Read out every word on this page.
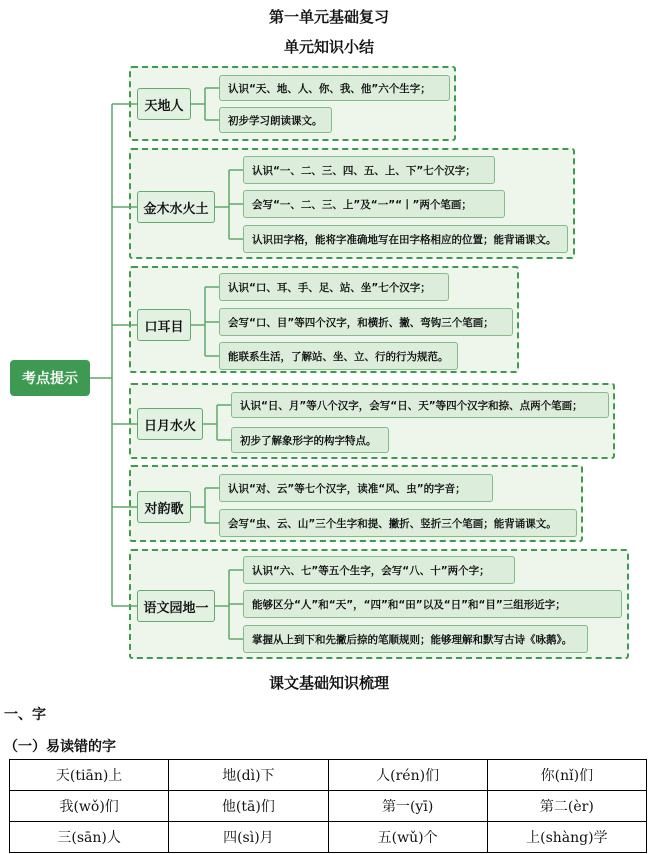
第一单元基础复习
单元知识小结
天地人
认识“天、地、人、你、我、他”六个生字；
初步学习朗读课文。
金木水火土
认识“一、二、三、四、五、上、下”七个汉字；
会写“一、二、三、上”及“一”“丨”两个笔画；
认识田字格，能将字准确地写在田字格相应的位置；能背诵课文。
口耳目
认识“口、耳、手、足、站、坐”七个汉字；
会写“口、目”等四个汉字，和横折、撇、弯钩三个笔画；
能联系生活，了解站、坐、立、行的行为规范。
日月水火
认识“日、月”等八个汉字，会写“日、天”等四个汉字和捺、点两个笔画；
初步了解象形字的构字特点。
对韵歌
认识“对、云”等七个汉字，读准“风、虫”的字音；
会写“虫、云、山”三个生字和提、撇折、竖折三个笔画；能背诵课文。
语文园地一
认识“六、七”等五个生字，会写“八、十”两个字；
能够区分“人”和“天”，“四”和“田”以及“日”和“目”三组形近字；
掌握从上到下和先撇后捺的笔顺规则；能够理解和默写古诗《咏鹅》。
考点提示
课文基础知识梳理
一、字
（一）易读错的字
天(tiān)上	地(dì)下	人(rén)们	你(nǐ)们
我(wǒ)们	他(tā)们	第一(yī)	第二(èr)
三(sān)人	四(sì)月	五(wǔ)个	上(shàng)学
